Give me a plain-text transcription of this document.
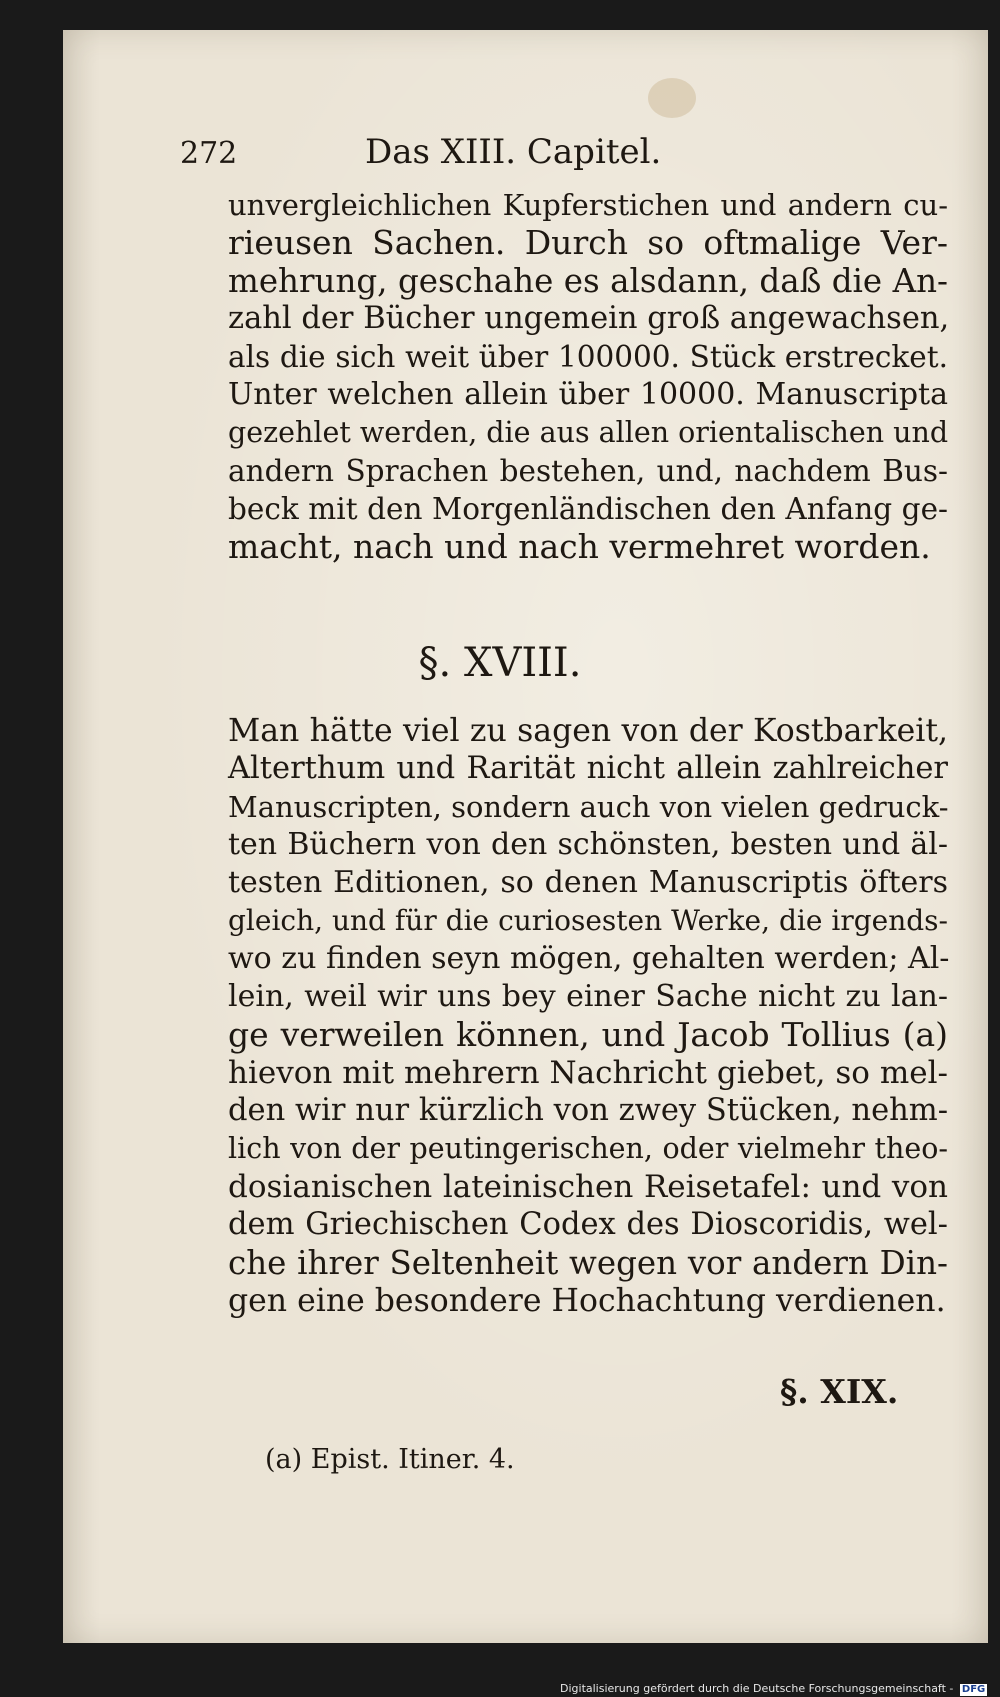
272	Das XIII. Capitel.
unvergleichlichen Kupferstichen und andern cu-
rieusen Sachen. Durch so oftmalige Ver-
mehrung, geschahe es alsdann, daß die An-
zahl der Bücher ungemein groß angewachsen,
als die sich weit über 100000. Stück erstrecket.
Unter welchen allein über 10000. Manuscripta
gezehlet werden, die aus allen orientalischen und
andern Sprachen bestehen, und, nachdem Bus-
beck mit den Morgenländischen den Anfang ge-
macht, nach und nach vermehret worden.
§. XVIII.
Man hätte viel zu sagen von der Kostbarkeit,
Alterthum und Rarität nicht allein zahlreicher
Manuscripten, sondern auch von vielen gedruck-
ten Büchern von den schönsten, besten und äl-
testen Editionen, so denen Manuscriptis öfters
gleich, und für die curiosesten Werke, die irgends-
wo zu finden seyn mögen, gehalten werden; Al-
lein, weil wir uns bey einer Sache nicht zu lan-
ge verweilen können, und Jacob Tollius (a)
hievon mit mehrern Nachricht giebet, so mel-
den wir nur kürzlich von zwey Stücken, nehm-
lich von der peutingerischen, oder vielmehr theo-
dosianischen lateinischen Reisetafel: und von
dem Griechischen Codex des Dioscoridis, wel-
che ihrer Seltenheit wegen vor andern Din-
gen eine besondere Hochachtung verdienen.
§. XIX.
(a) Epist. Itiner. 4.
Digitalisierung gefördert durch die Deutsche Forschungsgemeinschaft - DFG
